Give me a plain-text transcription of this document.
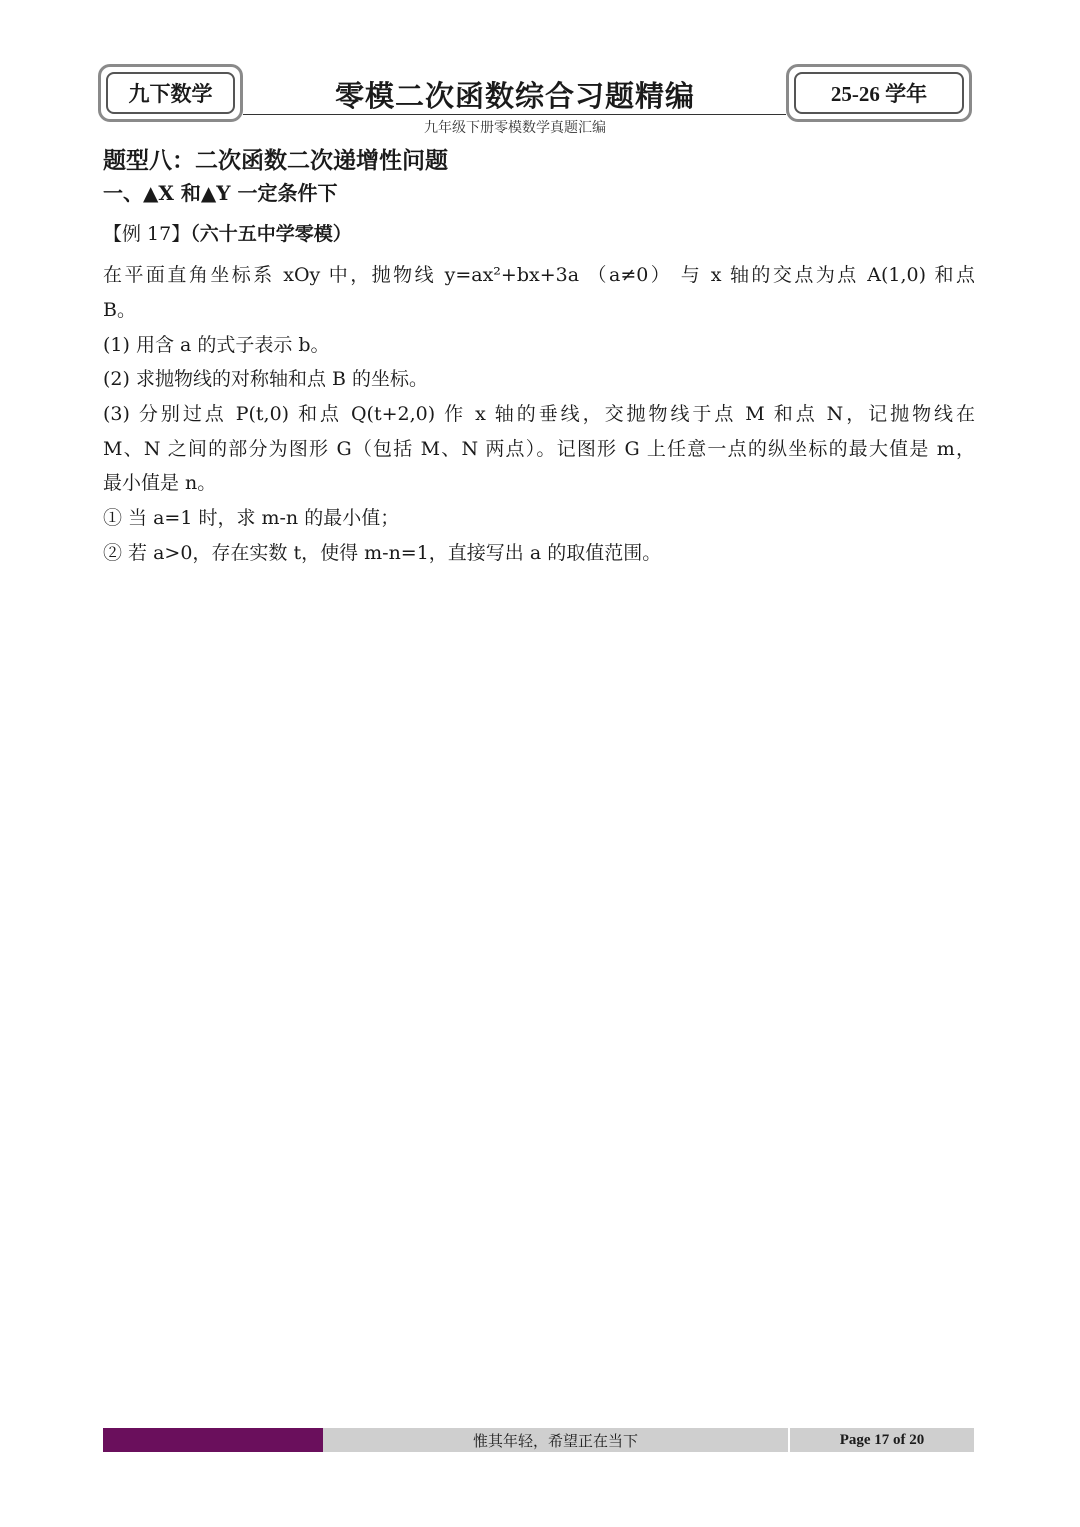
九下数学	零模二次函数综合习题精编
九年级下册零模数学真题汇编
25-26 学年
题型八：二次函数二次递增性问题
一、▲X 和▲Y 一定条件下
【例 17】（六十五中学零模）
在平面直角坐标系 xOy 中，抛物线 y=ax²+bx+3a （a≠0） 与 x 轴的交点为点 A(1,0) 和点
B。
(1) 用含 a 的式子表示 b。
(2) 求抛物线的对称轴和点 B 的坐标。
(3) 分别过点 P(t,0) 和点 Q(t+2,0) 作 x 轴的垂线，交抛物线于点 M 和点 N，记抛物线在
M、N 之间的部分为图形 G（包括 M、N 两点）。记图形 G 上任意一点的纵坐标的最大值是 m，
最小值是 n。
① 当 a=1 时，求 m-n 的最小值；
② 若 a>0，存在实数 t，使得 m-n=1，直接写出 a 的取值范围。
惟其年轻，希望正在当下	Page 17 of 20
